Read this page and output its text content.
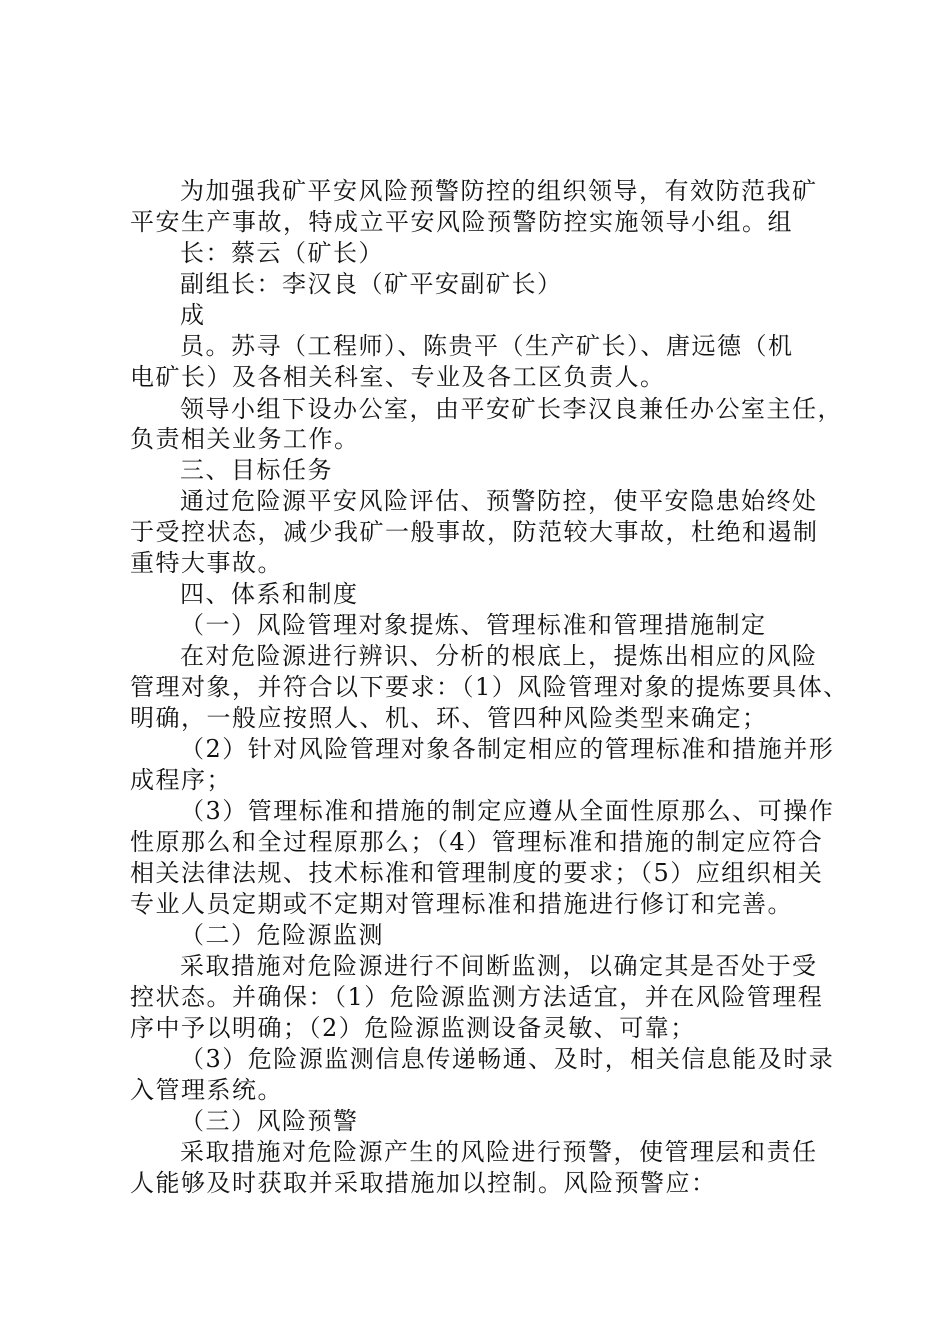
为加强我矿平安风险预警防控的组织领导，有效防范我矿
平安生产事故，特成立平安风险预警防控实施领导小组。组
长：蔡云（矿长）
副组长：李汉良（矿平安副矿长）
成
员。苏寻（工程师）、陈贵平（生产矿长）、唐远德（机
电矿长）及各相关科室、专业及各工区负责人。
领导小组下设办公室，由平安矿长李汉良兼任办公室主任，
负责相关业务工作。
三、目标任务
通过危险源平安风险评估、预警防控，使平安隐患始终处
于受控状态，减少我矿一般事故，防范较大事故，杜绝和遏制
重特大事故。
四、体系和制度
（一）风险管理对象提炼、管理标准和管理措施制定
在对危险源进行辨识、分析的根底上，提炼出相应的风险
管理对象，并符合以下要求：（1）风险管理对象的提炼要具体、
明确，一般应按照人、机、环、管四种风险类型来确定；
（2）针对风险管理对象各制定相应的管理标准和措施并形
成程序；
（3）管理标准和措施的制定应遵从全面性原那么、可操作
性原那么和全过程原那么；（4）管理标准和措施的制定应符合
相关法律法规、技术标准和管理制度的要求；（5）应组织相关
专业人员定期或不定期对管理标准和措施进行修订和完善。
（二）危险源监测
采取措施对危险源进行不间断监测，以确定其是否处于受
控状态。并确保：（1）危险源监测方法适宜，并在风险管理程
序中予以明确；（2）危险源监测设备灵敏、可靠；
（3）危险源监测信息传递畅通、及时，相关信息能及时录
入管理系统。
（三）风险预警
采取措施对危险源产生的风险进行预警，使管理层和责任
人能够及时获取并采取措施加以控制。风险预警应：
